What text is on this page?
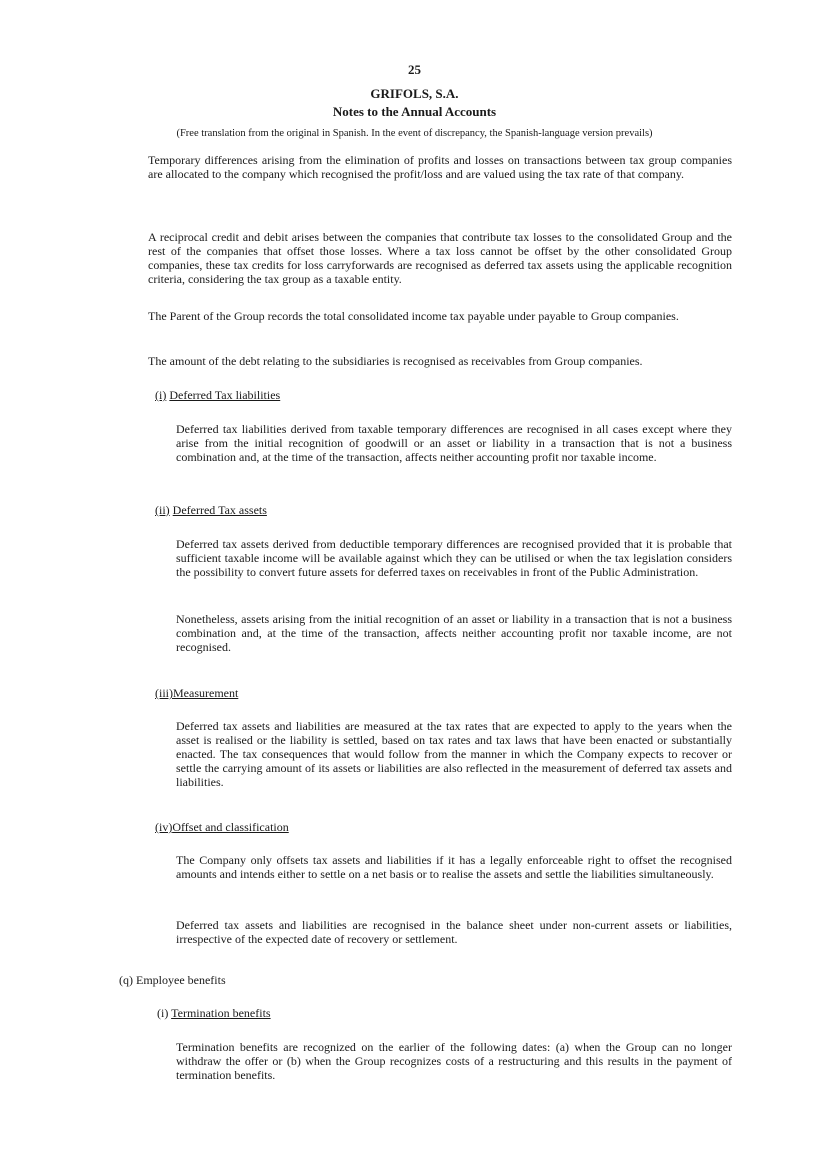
25
GRIFOLS, S.A.
Notes to the Annual Accounts
(Free translation from the original in Spanish. In the event of discrepancy, the Spanish-language version prevails)

Temporary differences arising from the elimination of profits and losses on transactions between tax group companies are allocated to the company which recognised the profit/loss and are valued using the tax rate of that company.

A reciprocal credit and debit arises between the companies that contribute tax losses to the consolidated Group and the rest of the companies that offset those losses. Where a tax loss cannot be offset by the other consolidated Group companies, these tax credits for loss carryforwards are recognised as deferred tax assets using the applicable recognition criteria, considering the tax group as a taxable entity.

The Parent of the Group records the total consolidated income tax payable under payable to Group companies.

The amount of the debt relating to the subsidiaries is recognised as receivables from Group companies.

(i) Deferred Tax liabilities

Deferred tax liabilities derived from taxable temporary differences are recognised in all cases except where they arise from the initial recognition of goodwill or an asset or liability in a transaction that is not a business combination and, at the time of the transaction, affects neither accounting profit nor taxable income.

(ii) Deferred Tax assets

Deferred tax assets derived from deductible temporary differences are recognised provided that it is probable that sufficient taxable income will be available against which they can be utilised or when the tax legislation considers the possibility to convert future assets for deferred taxes on receivables in front of the Public Administration.

Nonetheless, assets arising from the initial recognition of an asset or liability in a transaction that is not a business combination and, at the time of the transaction, affects neither accounting profit nor taxable income, are not recognised.

(iii)Measurement

Deferred tax assets and liabilities are measured at the tax rates that are expected to apply to the years when the asset is realised or the liability is settled, based on tax rates and tax laws that have been enacted or substantially enacted. The tax consequences that would follow from the manner in which the Company expects to recover or settle the carrying amount of its assets or liabilities are also reflected in the measurement of deferred tax assets and liabilities.

(iv)Offset and classification

The Company only offsets tax assets and liabilities if it has a legally enforceable right to offset the recognised amounts and intends either to settle on a net basis or to realise the assets and settle the liabilities simultaneously.

Deferred tax assets and liabilities are recognised in the balance sheet under non-current assets or liabilities, irrespective of the expected date of recovery or settlement.

(q) Employee benefits
(i) Termination benefits

Termination benefits are recognized on the earlier of the following dates: (a) when the Group can no longer withdraw the offer or (b) when the Group recognizes costs of a restructuring and this results in the payment of termination benefits.
